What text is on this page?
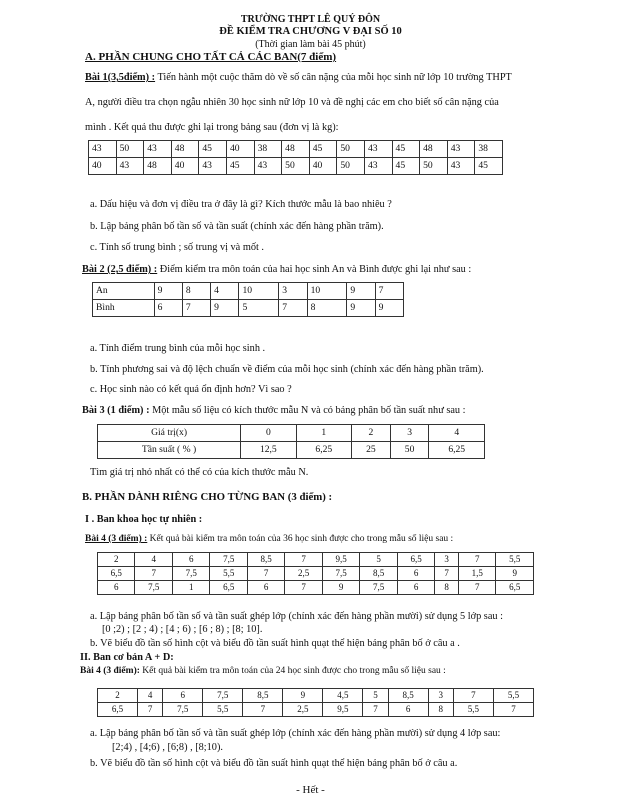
TRƯỜNG THPT LÊ QUÝ ĐÔN
ĐỀ KIỂM TRA CHƯƠNG V ĐẠI SỐ 10
(Thời gian làm bài 45 phút)
A. PHẦN CHUNG CHO TẤT CẢ CÁC BAN(7 điểm)
Bài 1(3,5điểm) : Tiến hành một cuộc thăm dò về số cân nặng của mỗi học sinh nữ lớp 10 trường THPT
A, người điều tra chọn ngẫu nhiên 30 học sinh nữ lớp 10 và đề nghị các em cho biết số cân nặng của
mình . Kết quả thu được ghi lại trong bảng sau (đơn vị là kg):
43	50	43	48	45	40	38	48	45	50	43	45	48	43	38
40	43	48	40	43	45	43	50	40	50	43	45	50	43	45
a. Dấu hiệu và đơn vị điều tra ở đây là gì? Kích thước mẫu là bao nhiêu ?
b. Lập bảng phân bố tần số và tần suất (chính xác đến hàng phần trăm).
c. Tính số trung bình ; số trung vị và mốt .
Bài 2 (2,5 điểm) : Điểm kiểm tra môn toán của hai học sinh An và Bình được ghi lại như sau :
An	9	8	4	10	3	10	9	7
Bình	6	7	9	5	7	8	9	9
a. Tính điểm trung bình của mỗi học sinh .
b. Tính phương sai và độ lệch chuẩn về điểm của mỗi học sinh (chính xác đến hàng phần trăm).
c. Học sinh nào có kết quả ổn định hơn? Vì sao ?
Bài 3 (1 điểm) : Một mẫu số liệu có kích thước mẫu N và có bảng phân bố tần suất như sau :
Giá trị(x)	0	1	2	3	4
Tần suất ( % )	12,5	6,25	25	50	6,25
Tìm giá trị nhỏ nhất có thể có của kích thước mẫu N.
B. PHẦN DÀNH RIÊNG CHO TỪNG BAN (3 điểm) :
I . Ban khoa học tự nhiên :
Bài 4 (3 điểm) : Kết quả bài kiểm tra môn toán của 36 học sinh được cho trong mẫu số liệu sau :
2	4	6	7,5	8,5	7	9,5	5	6,5	3	7	5,5
6,5	7	7,5	5,5	7	2,5	7,5	8,5	6	7	1,5	9
6	7,5	1	6,5	6	7	9	7,5	6	8	7	6,5
a. Lập bảng phân bố tần số và tần suất ghép lớp (chính xác đến hàng phần mười) sử dụng 5 lớp sau :
[0 ;2) ; [2 ; 4) ; [4 ; 6) ; [6 ; 8) ; [8; 10].
b. Vẽ biểu đồ tần số hình cột và biểu đồ tần suất hình quạt thể hiện bảng phân bố ở câu a .
II. Ban cơ bản A + D:
Bài 4 (3 điểm): Kết quả bài kiểm tra môn toán của 24 học sinh được cho trong mẫu số liệu sau :
2	4	6	7,5	8,5	9	4,5	5	8,5	3	7	5,5
6,5	7	7,5	5,5	7	2,5	9,5	7	6	8	5,5	7
a. Lập bảng phân bố tần số và tần suất ghép lớp (chính xác đến hàng phần mười) sử dụng 4 lớp sau:
[2;4) , [4;6) , [6;8) , [8;10).
b. Vẽ biểu đồ tần số hình cột và biểu đồ tần suất hình quạt thể hiện bảng phân bố ở câu a.
- Hết -
